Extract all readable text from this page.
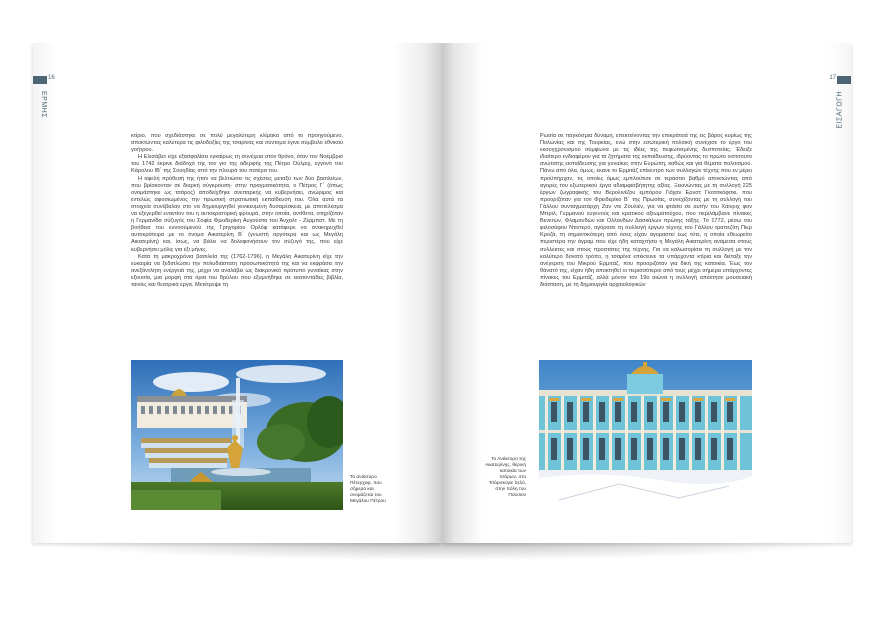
16
ΕΡΜΗΣ

κτίριο, που σχεδιάστηκε σε πολύ μεγαλύτερη κλίμακα από το προηγούμενο, αποκτώντας καλύτερα τις φιλοδοξίες της τσαρίνας και σύντομα έγινε σύμβολο εθνικού γοήτρου.

Η Ελισάβετ είχε εξασφαλίσει εγκαίρως τη συνέχεια στον θρόνο, όταν τον Νοέμβριο του 1742 έκρινε διάδοχό της τον γιο της αδερφής της Πέτρο Ούλριχ, εγγονό του Κάρολου ΙΒ΄ της Σουηδίας από την πλευρά του πατέρα του.

Η αφελή πρόθεσή της ήταν να βελτιώσει τις σχέσεις μεταξύ των δύο βασιλείων, που βρίσκονταν σε διαρκή σύγκρουση· στην πραγματικότητα, ο Πέτρος Γ΄ (όπως ονομάστηκε ως τσάρος) αποδείχθηκε ανεπαρκής να κυβερνήσει, ανώριμος και εντελώς αφοσιωμένος την πρωσική στρατιωτική εκπαίδευσή του. Όλα αυτά τα στοιχεία συνέβαλαν στο να δημιουργηθεί γενικευμένη δυσαρέσκεια, με αποτέλεσμα να εξεγερθεί εναντίον του η αυτοκρατορική φρουρά, στην οποία, αντίθετα, στηρίζόταν η Γερμανίδα σύζυγός του Σοφία Φρειδερίκη Αυγούστα του Άνχαλτ - Ζέρμπστ. Με τη βοήθεια του ευνοούμενού της Γρηγορίου Ορλόφ κατάφερε να ανακηρυχθεί αυτοκράτειρα με το όνομα Αικατερίνη Β΄ (γνωστή αργότερα και ως Μεγάλη Αικατερίνη) και, ίσως, να βάλει να δολοφονήσουν τον σύζυγό της, που είχε κυβερνήσει μόλις για έξι μήνες.

Κατά τη μακροχρόνια βασιλεία της (1762-1796), η Μεγάλη Αικατερίνη είχε την ευκαιρία να ξεδιπλώσει την πολυδιάστατη προσωπικότητά της και να εκφράσει την ανεξάντλητη ενέργειά της, μέχρι να αναλάβει ως διακρονικό πρότυπο γυναίκας στην εξουσία, μια μορφή στα όρια του θρύλου που εξυμνήθηκε σε εκατοντάδες βιβλία, ταινίες και θεατρικά έργα. Μετέτρεψε τη

Το ανάκτορο Πέτερχοφ, που σήμερα και ονομάζεται του Μεγάλου Πέτρου
17
ΕΙΣΑΓΩΓΗ

Ρωσία σε παγκόσμια δύναμη, επεκτείνοντας την επικράτειά της εις βάρος κυρίως της Πολωνίας και της Τουρκίας, ενώ στην εσωτερική πολιτική συνέχισε το έργο του εκσυγχρονισμού σύμφωνα με τις ιδέες της πεφωτισμένης δεσποτείας. Έδειξε ιδιαίτερο ενδιαφέρον για τα ζητήματα της εκπαίδευσης, ιδρύοντας το πρώτο ινστιτούτο ανώτατης εκπαίδευσης για γυναίκες στην Ευρώπη, καθώς και για θέματα πολιτισμού. Πάνω από όλα, όμως, έκανε το Ερμιτάζ επίκεντρο των συλλογών τέχνης που εν μέρει προϋπήρχαν, τις οποίες όμως εμπλούτισε σε τεράστιο βαθμό αποκτώντας από αγορές του εξωτερικού έργα αδιαμφισβήτητης αξίας. Ξεκινώντας με τη συλλογή 225 έργων ζωγραφικής του Βερολινέζου εμπόρου Γιόχαν Ερνστ Γκοτσκόφσκι, που προορίζόταν για τον Φρειδερίκο Β΄ της Πρωσίας, συνεχίζοντας με τη συλλογή του Γάλλου συνταγματάρχη Ζαν ντε Ζουλιέν, για να φτάσει σε αυτήν του Χάινριχ φον Μπριλ, Γερμανού ευγενούς και κρατικού αξιωματούχου, που περιλάμβανε πίνακες Βενετών, Φλαμανδών και Ολλανδών Δασκάλων πρώτης τάξης. Το 1772, μέσω του φιλοσόφου Ντιντερό, αγόρασε τη συλλογή έργων τέχνης του Γάλλου τραπεζίτη Πιερ Κροζά, τη σημαντικότερη από όσες είχαν αγοραστεί έως τότε, η οποία εθεωρείτο περιστέρα την άγραμ που είχε ήδη καταχτήσει η Μεγάλη Αικατερίνη ανάμεσα στους συλλέκτες και στους προστάτες της τέχνης. Για να καλωσορίσει τη συλλογή με τον καλύτερο δυνατό τρόπο, η τσαρίνα επέκτεινε τα υπάρχοντα κτίρια και διέταξε την ανέγερση του Μικρού Ερμιτάζ, που προοριζόταν για δική της κατοικία. Έως τον θάνατό της, είχαν ήδη αποκτηθεί οι περισσότεροι από τους μέχρι σήμερα υπάρχοντες πίνακες του Ερμιτάζ, αλλά μόνον τον 19ο αιώνα η συλλογή απέκτησε μουσειακή διάσταση, με τη δημιουργία αρχαιολογικών

Το Ανάκτορο της Αικατερίνης, θερινή κατοικία των τσάρων, στο Τσάρσκογιε Σελό, στην πόλη του Πούσκιν
